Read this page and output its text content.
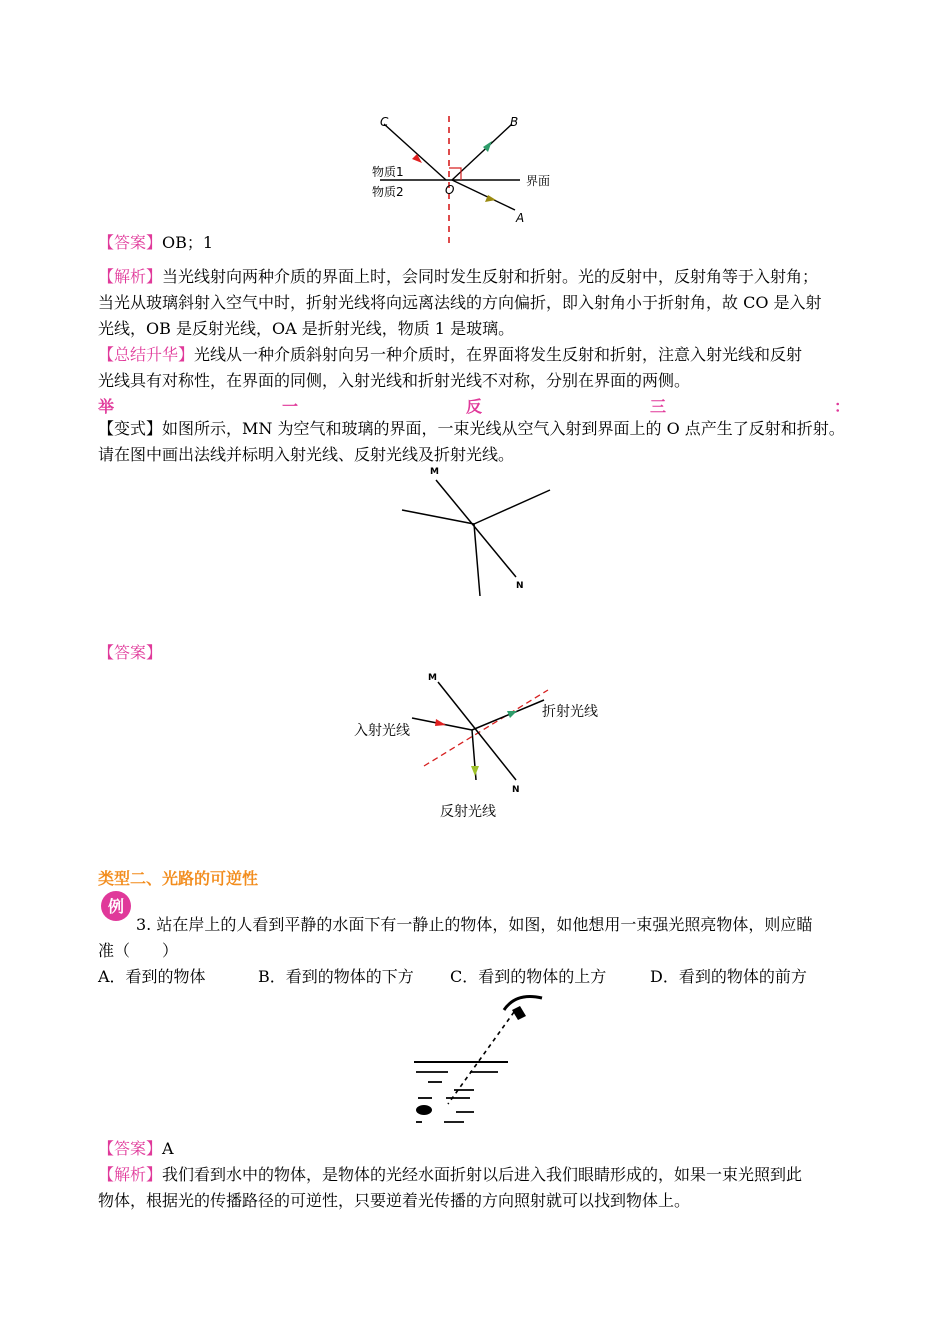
C	B
A
O
物质1
物质2
界面
【答案】OB；1
【解析】当光线射向两种介质的界面上时，会同时发生反射和折射。光的反射中，反射角等于入射角；
当光从玻璃斜射入空气中时，折射光线将向远离法线的方向偏折，即入射角小于折射角，故 CO 是入射
光线，OB 是反射光线，OA 是折射光线，物质 1 是玻璃。
【总结升华】光线从一种介质斜射向另一种介质时，在界面将发生反射和折射，注意入射光线和反射
光线具有对称性，在界面的同侧，入射光线和折射光线不对称，分别在界面的两侧。
举	一	反	三	：
【变式】如图所示，MN 为空气和玻璃的界面，一束光线从空气入射到界面上的 O 点产生了反射和折射。
请在图中画出法线并标明入射光线、反射光线及折射光线。
M
N
【答案】
M
N
入射光线
折射光线
反射光线
类型二、光路的可逆性
例
3. 站在岸上的人看到平静的水面下有一静止的物体，如图，如他想用一束强光照亮物体，则应瞄
准（　　）
A．看到的物体	B．看到的物体的下方 C．看到的物体的上方	D．看到的物体的前方
【答案】A
【解析】我们看到水中的物体，是物体的光经水面折射以后进入我们眼睛形成的，如果一束光照到此
物体，根据光的传播路径的可逆性，只要逆着光传播的方向照射就可以找到物体上。
